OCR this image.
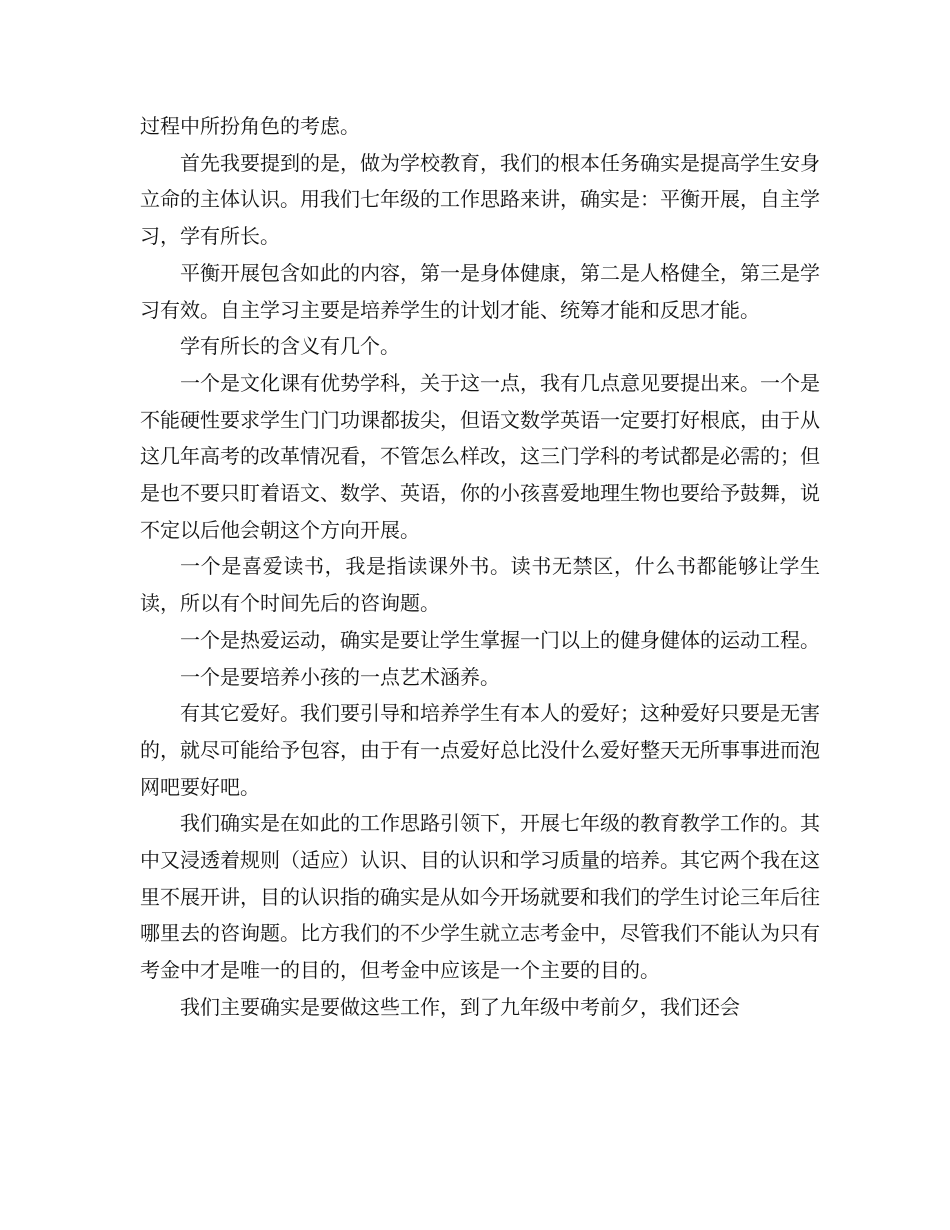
过程中所扮角色的考虑。

首先我要提到的是，做为学校教育，我们的根本任务确实是提高学生安身立命的主体认识。用我们七年级的工作思路来讲，确实是：平衡开展，自主学习，学有所长。

平衡开展包含如此的内容，第一是身体健康，第二是人格健全，第三是学习有效。自主学习主要是培养学生的计划才能、统筹才能和反思才能。

学有所长的含义有几个。

一个是文化课有优势学科，关于这一点，我有几点意见要提出来。一个是不能硬性要求学生门门功课都拔尖，但语文数学英语一定要打好根底，由于从这几年高考的改革情况看，不管怎么样改，这三门学科的考试都是必需的；但是也不要只盯着语文、数学、英语，你的小孩喜爱地理生物也要给予鼓舞，说不定以后他会朝这个方向开展。

一个是喜爱读书，我是指读课外书。读书无禁区，什么书都能够让学生读，所以有个时间先后的咨询题。

一个是热爱运动，确实是要让学生掌握一门以上的健身健体的运动工程。

一个是要培养小孩的一点艺术涵养。

有其它爱好。我们要引导和培养学生有本人的爱好；这种爱好只要是无害的，就尽可能给予包容，由于有一点爱好总比没什么爱好整天无所事事进而泡网吧要好吧。

我们确实是在如此的工作思路引领下，开展七年级的教育教学工作的。其中又浸透着规则（适应）认识、目的认识和学习质量的培养。其它两个我在这里不展开讲，目的认识指的确实是从如今开场就要和我们的学生讨论三年后往哪里去的咨询题。比方我们的不少学生就立志考金中，尽管我们不能认为只有考金中才是唯一的目的，但考金中应该是一个主要的目的。

我们主要确实是要做这些工作，到了九年级中考前夕，我们还会
